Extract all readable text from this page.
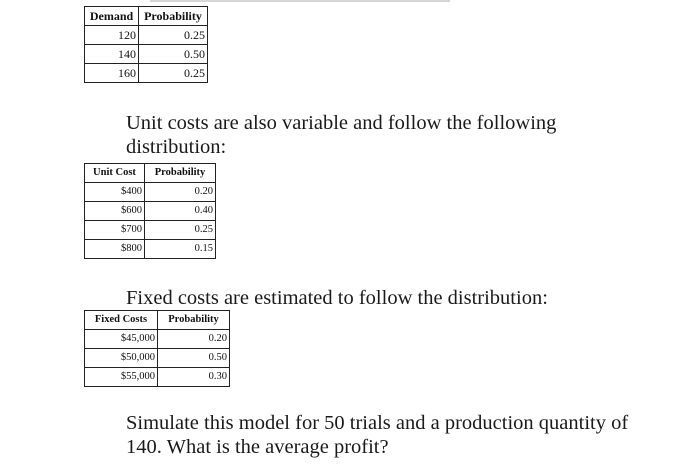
Demand	Probability
120	0.25
140	0.50
160	0.25

Unit costs are also variable and follow the following distribution:

Unit Cost	Probability
$400	0.20
$600	0.40
$700	0.25
$800	0.15

Fixed costs are estimated to follow the distribution:

Fixed Costs	Probability
$45,000	0.20
$50,000	0.50
$55,000	0.30

Simulate this model for 50 trials and a production quantity of 140. What is the average profit?
